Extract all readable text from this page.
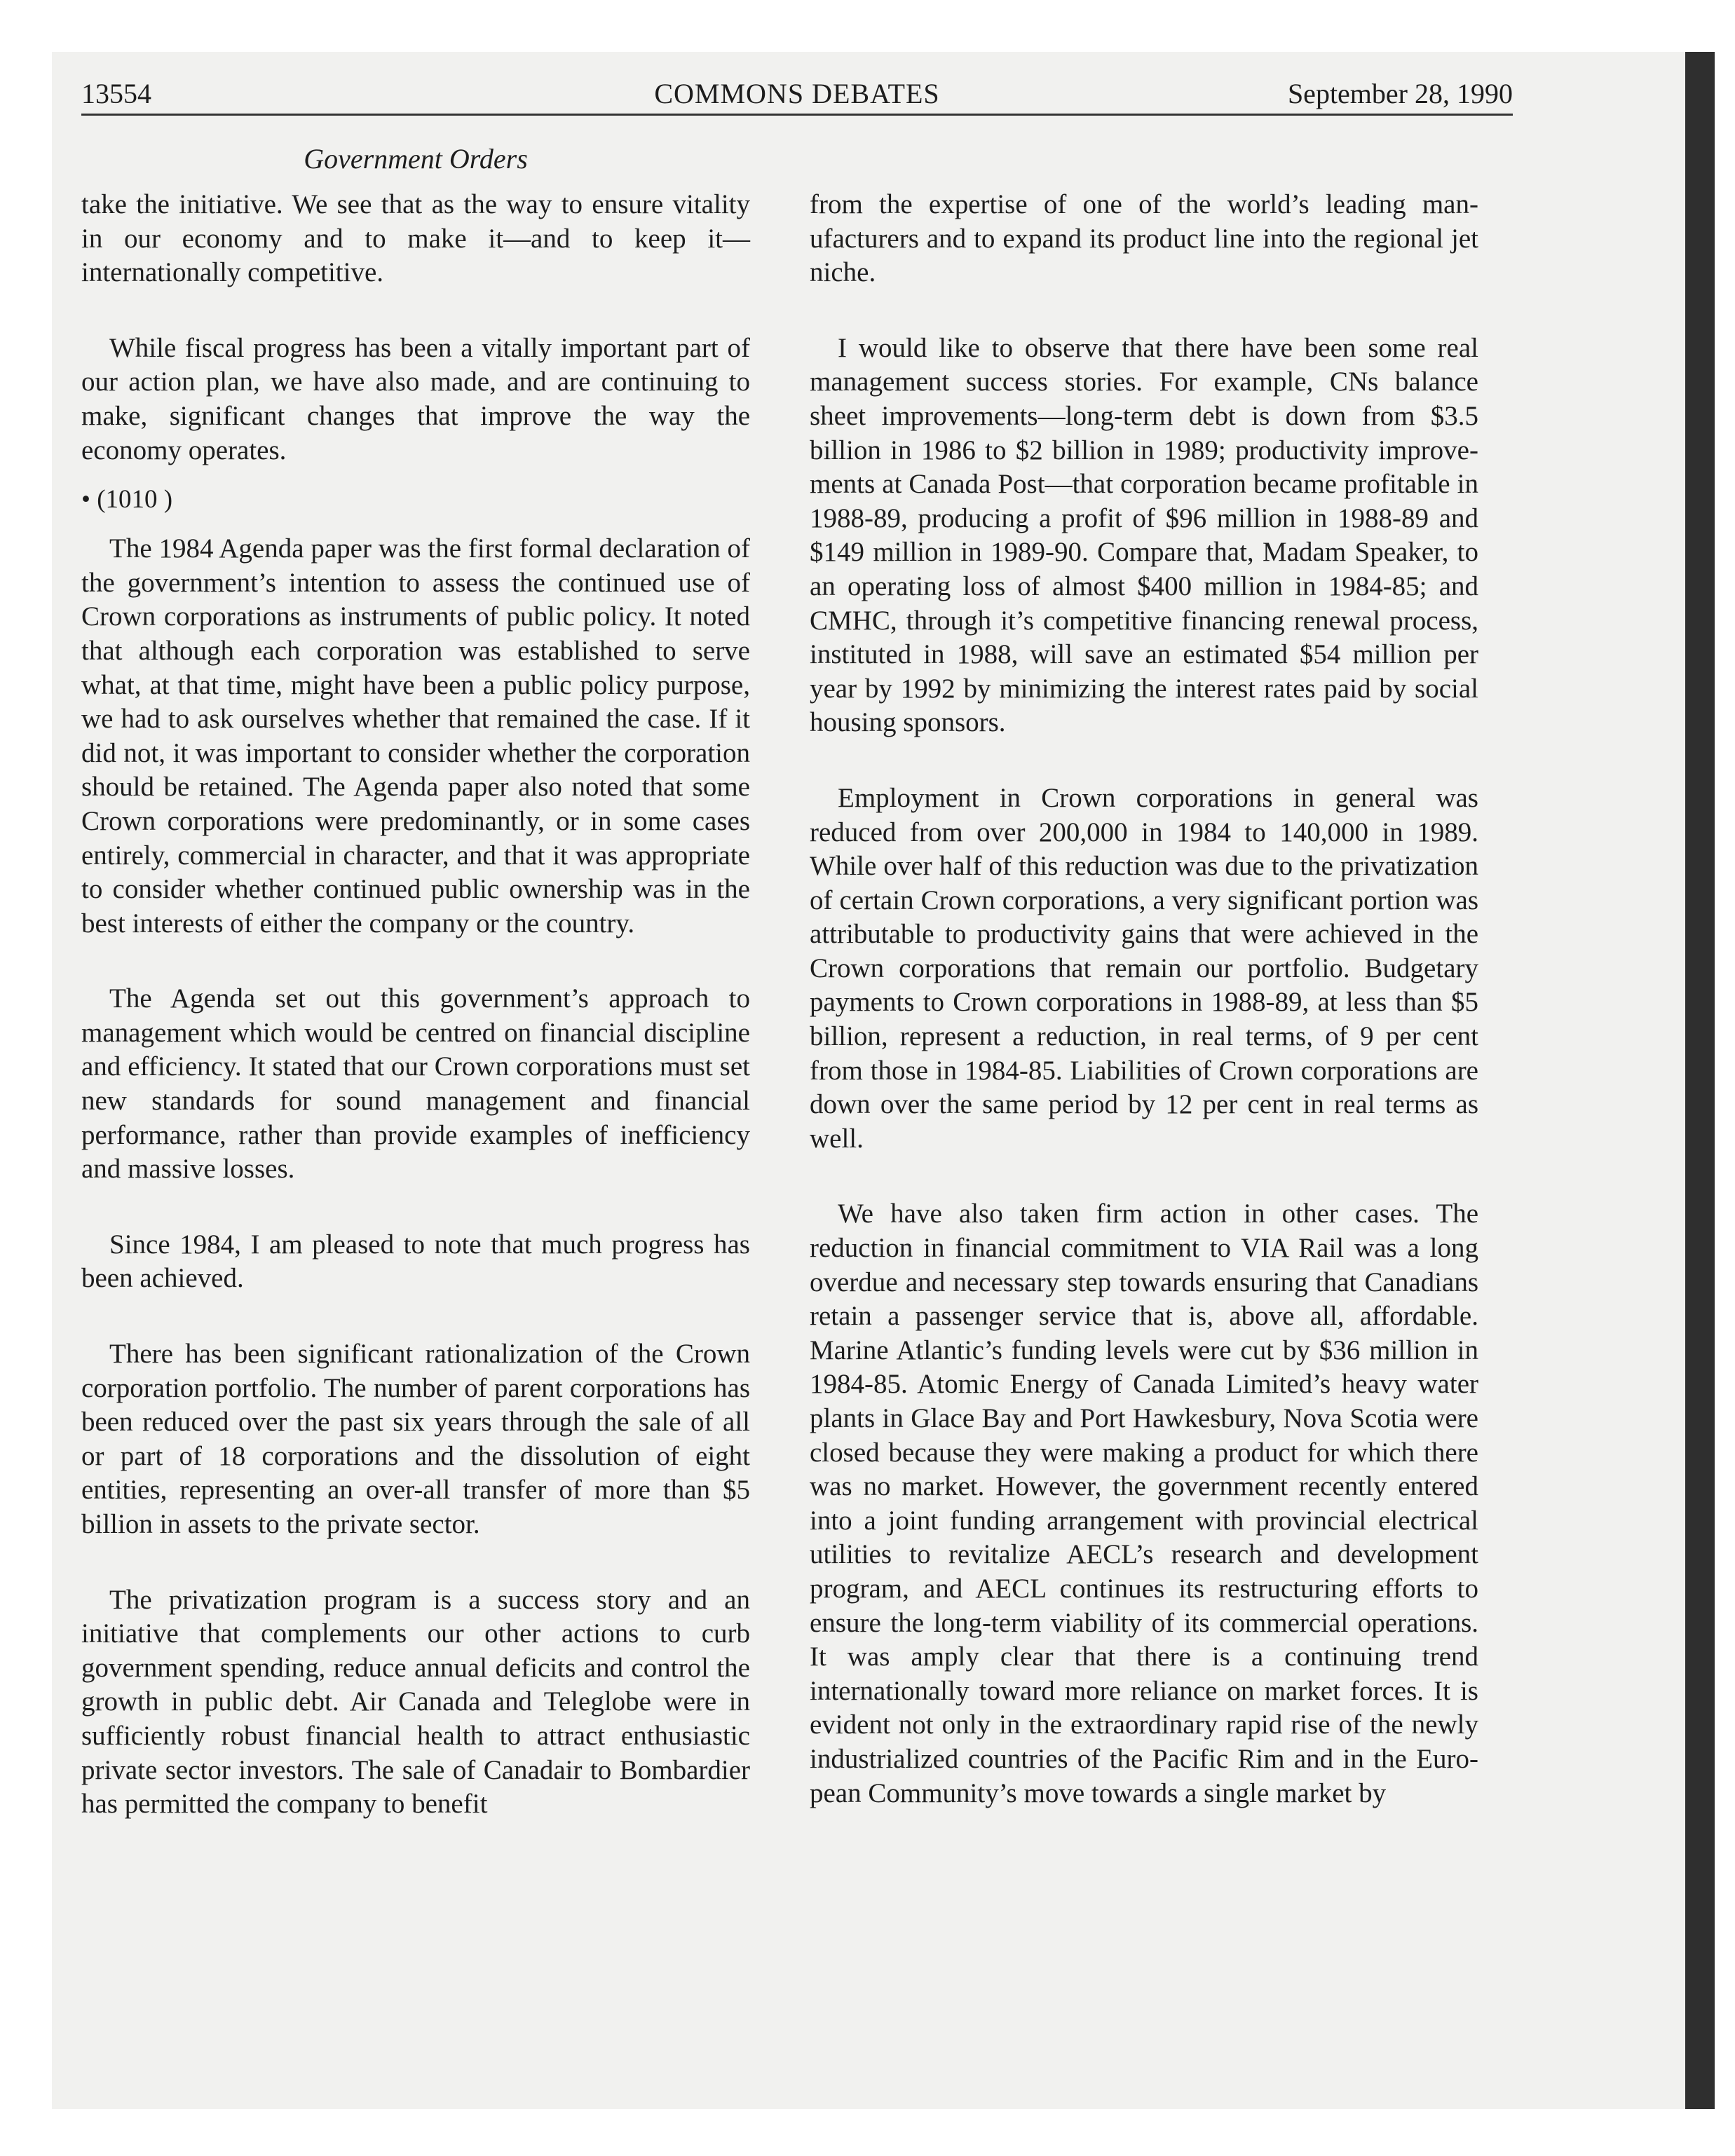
13554	COMMONS DEBATES	September 28, 1990
Government Orders

take the initiative. We see that as the way to ensure vitality in our economy and to make it—and to keep it—internationally competitive.

While fiscal progress has been a vitally important part of our action plan, we have also made, and are continuing to make, significant changes that improve the way the economy operates.

• (1010 )

The 1984 Agenda paper was the first formal declaration of the government’s intention to assess the continued use of Crown corporations as instruments of public policy. It noted that although each corporation was established to serve what, at that time, might have been a public policy purpose, we had to ask ourselves whether that remained the case. If it did not, it was important to consider whether the corporation should be retained. The Agenda paper also noted that some Crown corporations were predominantly, or in some cases entirely, commercial in character, and that it was appropriate to consider whether continued public ownership was in the best interests of either the company or the country.

The Agenda set out this government’s approach to management which would be centred on financial discipline and efficiency. It stated that our Crown corporations must set new standards for sound management and financial performance, rather than provide examples of inefficiency and massive losses.

Since 1984, I am pleased to note that much progress has been achieved.

There has been significant rationalization of the Crown corporation portfolio. The number of parent corporations has been reduced over the past six years through the sale of all or part of 18 corporations and the dissolution of eight entities, representing an over-all transfer of more than $5 billion in assets to the private sector.

The privatization program is a success story and an initiative that complements our other actions to curb government spending, reduce annual deficits and control the growth in public debt. Air Canada and Teleglobe were in sufficiently robust financial health to attract enthusiastic private sector investors. The sale of Canadair to Bombardier has permitted the company to benefit

from the expertise of one of the world’s leading manufacturers and to expand its product line into the regional jet niche.

I would like to observe that there have been some real management success stories. For example, CNs balance sheet improvements—long-term debt is down from $3.5 billion in 1986 to $2 billion in 1989; productivity improvements at Canada Post—that corporation became profitable in 1988-89, producing a profit of $96 million in 1988-89 and $149 million in 1989-90. Compare that, Madam Speaker, to an operating loss of almost $400 million in 1984-85; and CMHC, through it’s competitive financing renewal process, instituted in 1988, will save an estimated $54 million per year by 1992 by minimizing the interest rates paid by social housing sponsors.

Employment in Crown corporations in general was reduced from over 200,000 in 1984 to 140,000 in 1989. While over half of this reduction was due to the privatization of certain Crown corporations, a very significant portion was attributable to productivity gains that were achieved in the Crown corporations that remain our portfolio. Budgetary payments to Crown corporations in 1988-89, at less than $5 billion, represent a reduction, in real terms, of 9 per cent from those in 1984-85. Liabilities of Crown corporations are down over the same period by 12 per cent in real terms as well.

We have also taken firm action in other cases. The reduction in financial commitment to VIA Rail was a long overdue and necessary step towards ensuring that Canadians retain a passenger service that is, above all, affordable. Marine Atlantic’s funding levels were cut by $36 million in 1984-85. Atomic Energy of Canada Limited’s heavy water plants in Glace Bay and Port Hawkesbury, Nova Scotia were closed because they were making a product for which there was no market. However, the government recently entered into a joint funding arrangement with provincial electrical utilities to revitalize AECL’s research and development program, and AECL continues its restructuring efforts to ensure the long-term viability of its commercial operations. It was amply clear that there is a continuing trend internationally toward more reliance on market forces. It is evident not only in the extraordinary rapid rise of the newly industrialized countries of the Pacific Rim and in the European Community’s move towards a single market by
